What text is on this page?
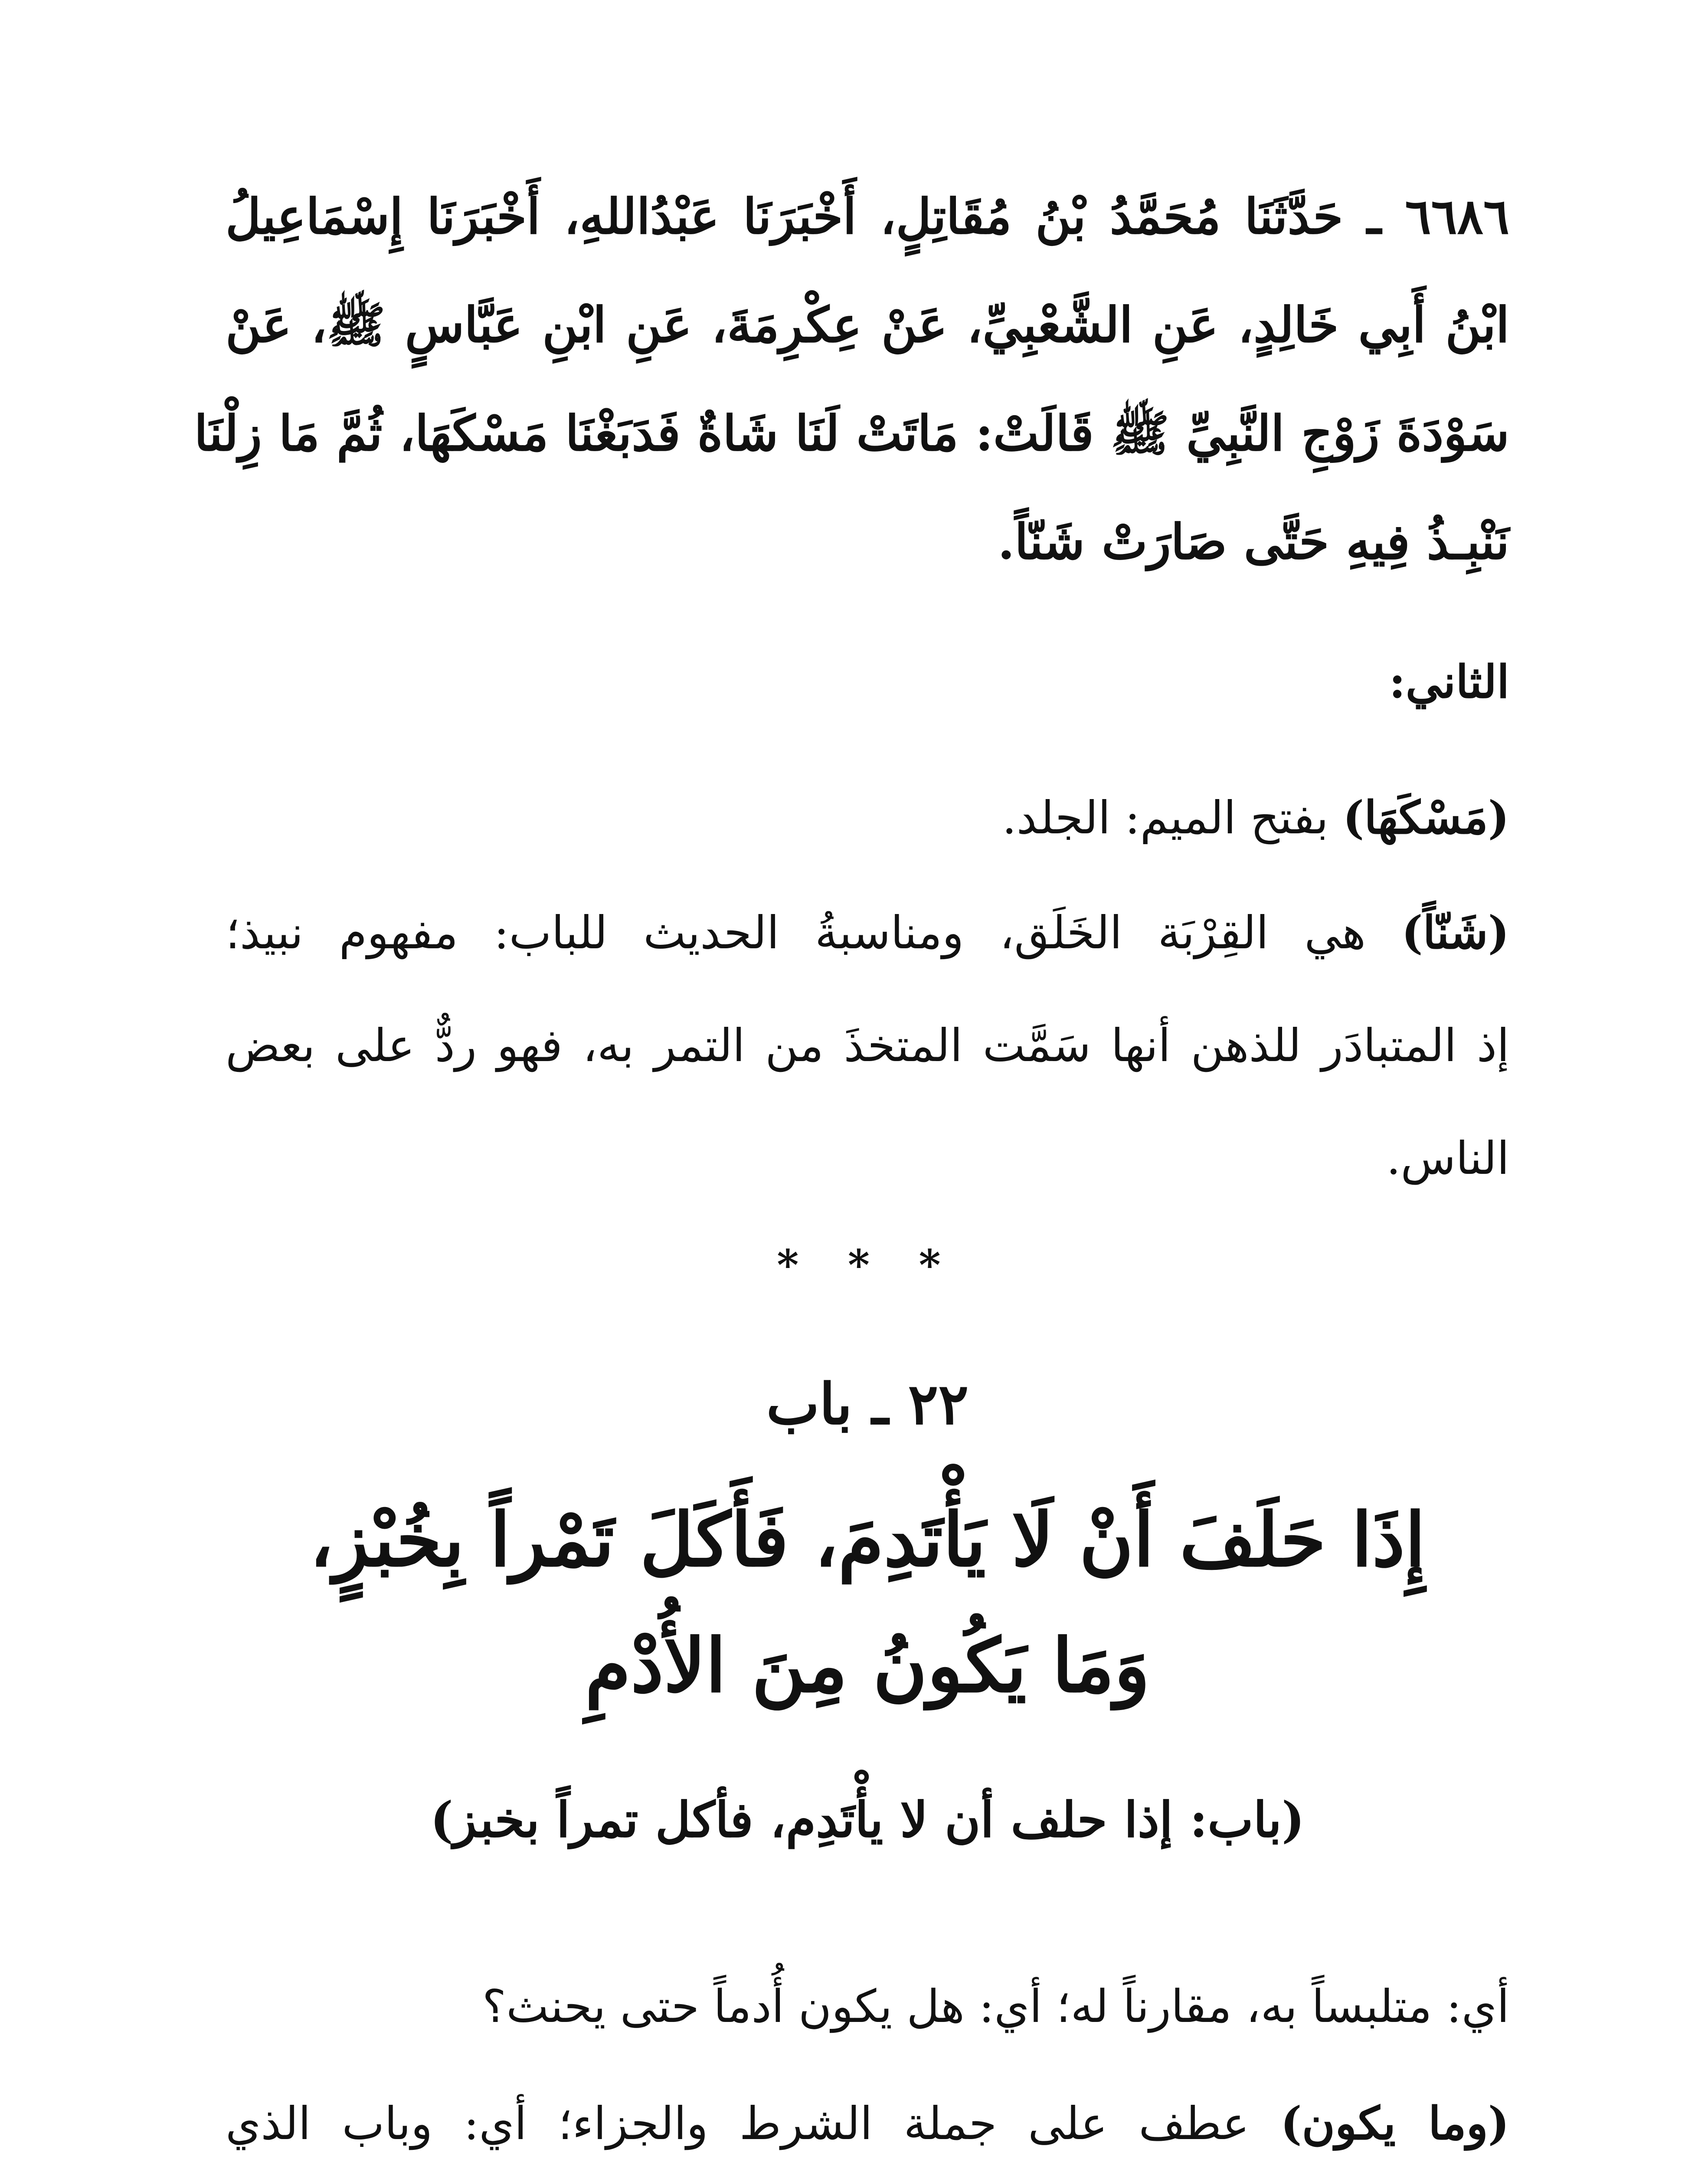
٦٦٨٦ ـ حَدَّثَنَا مُحَمَّدُ بْنُ مُقَاتِلٍ، أَخْبَرَنَا عَبْدُاللهِ، أَخْبَرَنَا إِسْمَاعِيلُ
ابْنُ أَبِي خَالِدٍ، عَنِ الشَّعْبِيِّ، عَنْ عِكْرِمَةَ، عَنِ ابْنِ عَبَّاسٍ ﷺ، عَنْ
سَوْدَةَ زَوْجِ النَّبِيِّ ﷺ قَالَتْ: مَاتَتْ لَنَا شَاةٌ فَدَبَغْنَا مَسْكَهَا، ثُمَّ مَا زِلْنَا
نَنْبِـذُ فِيهِ حَتَّى صَارَتْ شَنّاً.
الثاني:
(مَسْكَهَا) بفتح الميم: الجلد.
(شَنّاً) هي القِرْبَة الخَلَق، ومناسبةُ الحديث للباب: مفهوم نبيذ؛
إذ المتبادَر للذهن أنها سَمَّت المتخذَ من التمر به، فهو ردٌّ على بعض
الناس.
* * *
٢٢ ـ باب
إِذَا حَلَفَ أَنْ لَا يَأْتَدِمَ، فَأَكَلَ تَمْراً بِخُبْزٍ،
وَمَا يَكُونُ مِنَ الأُدْمِ
(باب: إذا حلف أن لا يأْتَدِم، فأكل تمراً بخبز)
أي: متلبساً به، مقارناً له؛ أي: هل يكون أُدماً حتى يحنث؟
(وما يكون) عطف على جملة الشرط والجزاء؛ أي: وباب الذي
